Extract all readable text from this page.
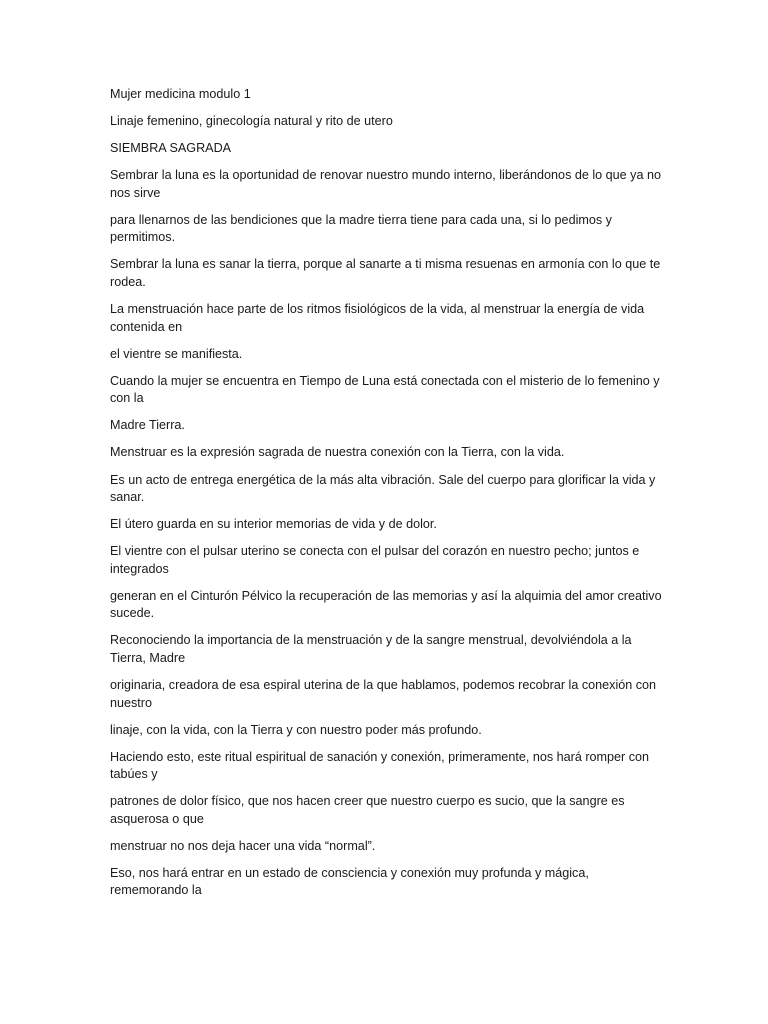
Mujer medicina modulo 1

Linaje femenino, ginecología natural y rito de utero

SIEMBRA SAGRADA

Sembrar la luna es la oportunidad de renovar nuestro mundo interno, liberándonos de lo que ya no nos sirve

para llenarnos de las bendiciones que la madre tierra tiene para cada una, si lo pedimos y permitimos.

Sembrar la luna es sanar la tierra, porque al sanarte a ti misma resuenas en armonía con lo que te rodea.

La menstruación hace parte de los ritmos fisiológicos de la vida, al menstruar la energía de vida contenida en

el vientre se manifiesta.

Cuando la mujer se encuentra en Tiempo de Luna está conectada con el misterio de lo femenino y con la

Madre Tierra.

Menstruar es la expresión sagrada de nuestra conexión con la Tierra, con la vida.

Es un acto de entrega energética de la más alta vibración. Sale del cuerpo para glorificar la vida y sanar.

El útero guarda en su interior memorias de vida y de dolor.

El vientre con el pulsar uterino se conecta con el pulsar del corazón en nuestro pecho; juntos e integrados

generan en el Cinturón Pélvico la recuperación de las memorias y así la alquimia del amor creativo sucede.

Reconociendo la importancia de la menstruación y de la sangre menstrual, devolviéndola a la Tierra, Madre

originaria, creadora de esa espiral uterina de la que hablamos, podemos recobrar la conexión con nuestro

linaje, con la vida, con la Tierra y con nuestro poder más profundo.

Haciendo esto, este ritual espiritual de sanación y conexión, primeramente, nos hará romper con tabúes y

patrones de dolor físico, que nos hacen creer que nuestro cuerpo es sucio, que la sangre es asquerosa o que

menstruar no nos deja hacer una vida “normal”.

Eso, nos hará entrar en un estado de consciencia y conexión muy profunda y mágica, rememorando la
